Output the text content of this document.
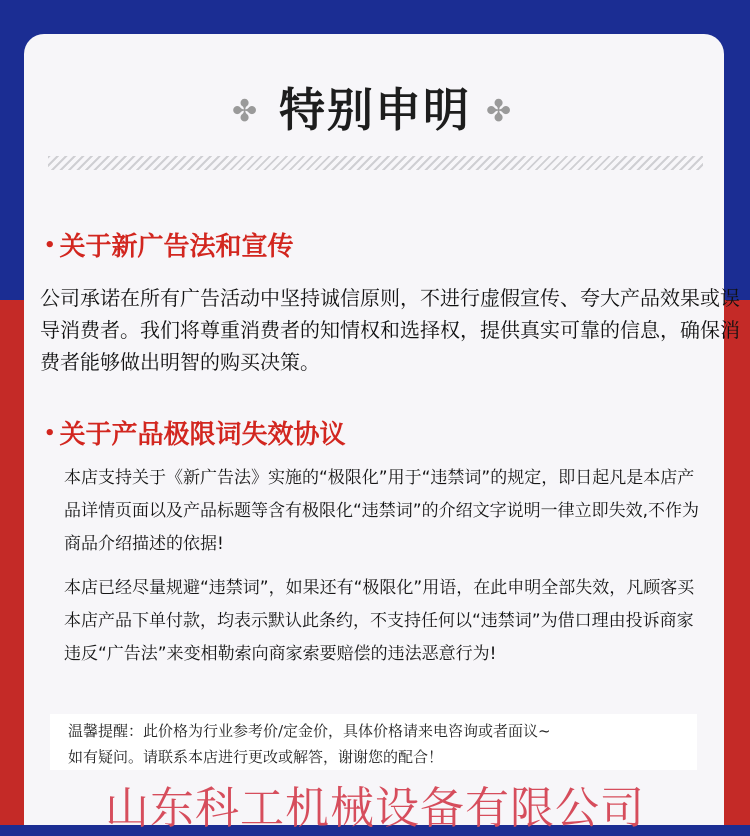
✤ 特别申明 ✤
• 关于新广告法和宣传

公司承诺在所有广告活动中坚持诚信原则，不进行虚假宣传、夸大产品效果或误导消费者。我们将尊重消费者的知情权和选择权，提供真实可靠的信息，确保消费者能够做出明智的购买决策。

• 关于产品极限词失效协议

本店支持关于《新广告法》实施的“极限化”用于“违禁词”的规定，即日起凡是本店产品详情页面以及产品标题等含有极限化“违禁词”的介绍文字说明一律立即失效,不作为商品介绍描述的依据!

本店已经尽量规避“违禁词”，如果还有“极限化”用语，在此申明全部失效，凡顾客买本店产品下单付款，均表示默认此条约，不支持任何以“违禁词”为借口理由投诉商家违反“广告法”来变相勒索向商家索要赔偿的违法恶意行为!

温馨提醒：此价格为行业参考价/定金价，具体价格请来电咨询或者面议~
如有疑问。请联系本店进行更改或解答，谢谢您的配合！
山东科工机械设备有限公司
